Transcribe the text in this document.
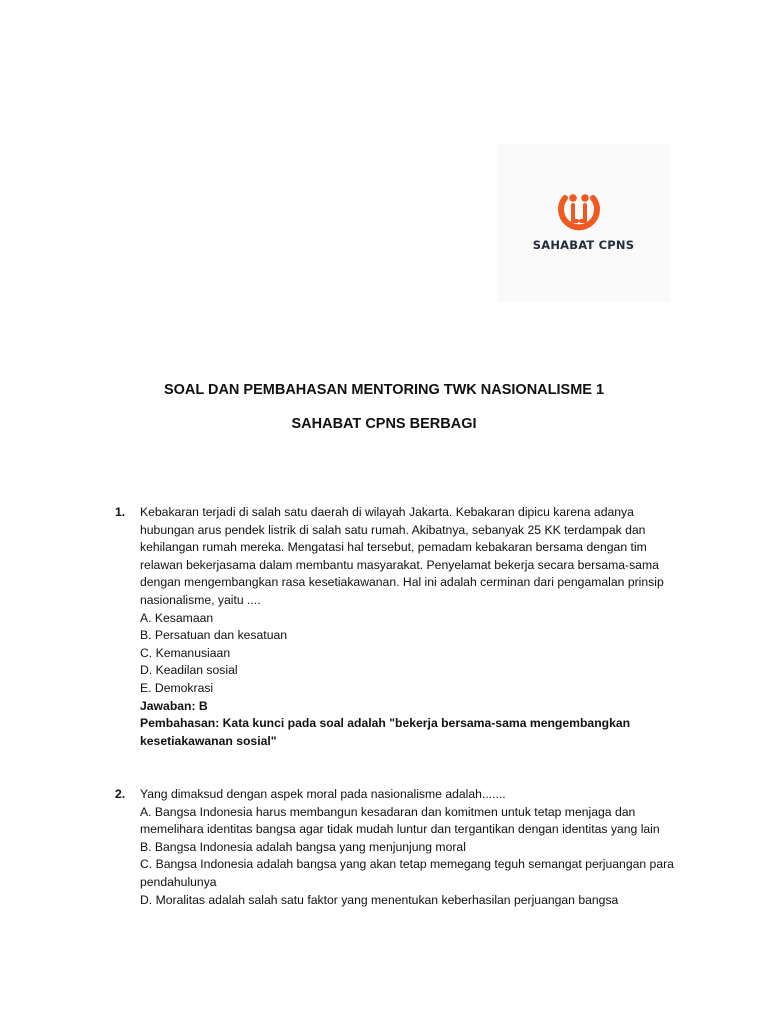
SAHABAT CPNS
SOAL DAN PEMBAHASAN MENTORING TWK NASIONALISME 1
SAHABAT CPNS BERBAGI
1.	Kebakaran terjadi di salah satu daerah di wilayah Jakarta. Kebakaran dipicu karena adanya hubungan arus pendek listrik di salah satu rumah. Akibatnya, sebanyak 25 KK terdampak dan kehilangan rumah mereka. Mengatasi hal tersebut, pemadam kebakaran bersama dengan tim relawan bekerjasama dalam membantu masyarakat. Penyelamat bekerja secara bersama-sama dengan mengembangkan rasa kesetiakawanan. Hal ini adalah cerminan dari pengamalan prinsip nasionalisme, yaitu ....

A. Kesamaan

B. Persatuan dan kesatuan

C. Kemanusiaan

D. Keadilan sosial

E. Demokrasi

Jawaban: B

Pembahasan: Kata kunci pada soal adalah "bekerja bersama-sama mengembangkan kesetiakawanan sosial"

2.	Yang dimaksud dengan aspek moral pada nasionalisme adalah.......

A. Bangsa Indonesia harus membangun kesadaran dan komitmen untuk tetap menjaga dan memelihara identitas bangsa agar tidak mudah luntur dan tergantikan dengan identitas yang lain

B. Bangsa Indonesia adalah bangsa yang menjunjung moral

C. Bangsa Indonesia adalah bangsa yang akan tetap memegang teguh semangat perjuangan para pendahulunya

D. Moralitas adalah salah satu faktor yang menentukan keberhasilan perjuangan bangsa
